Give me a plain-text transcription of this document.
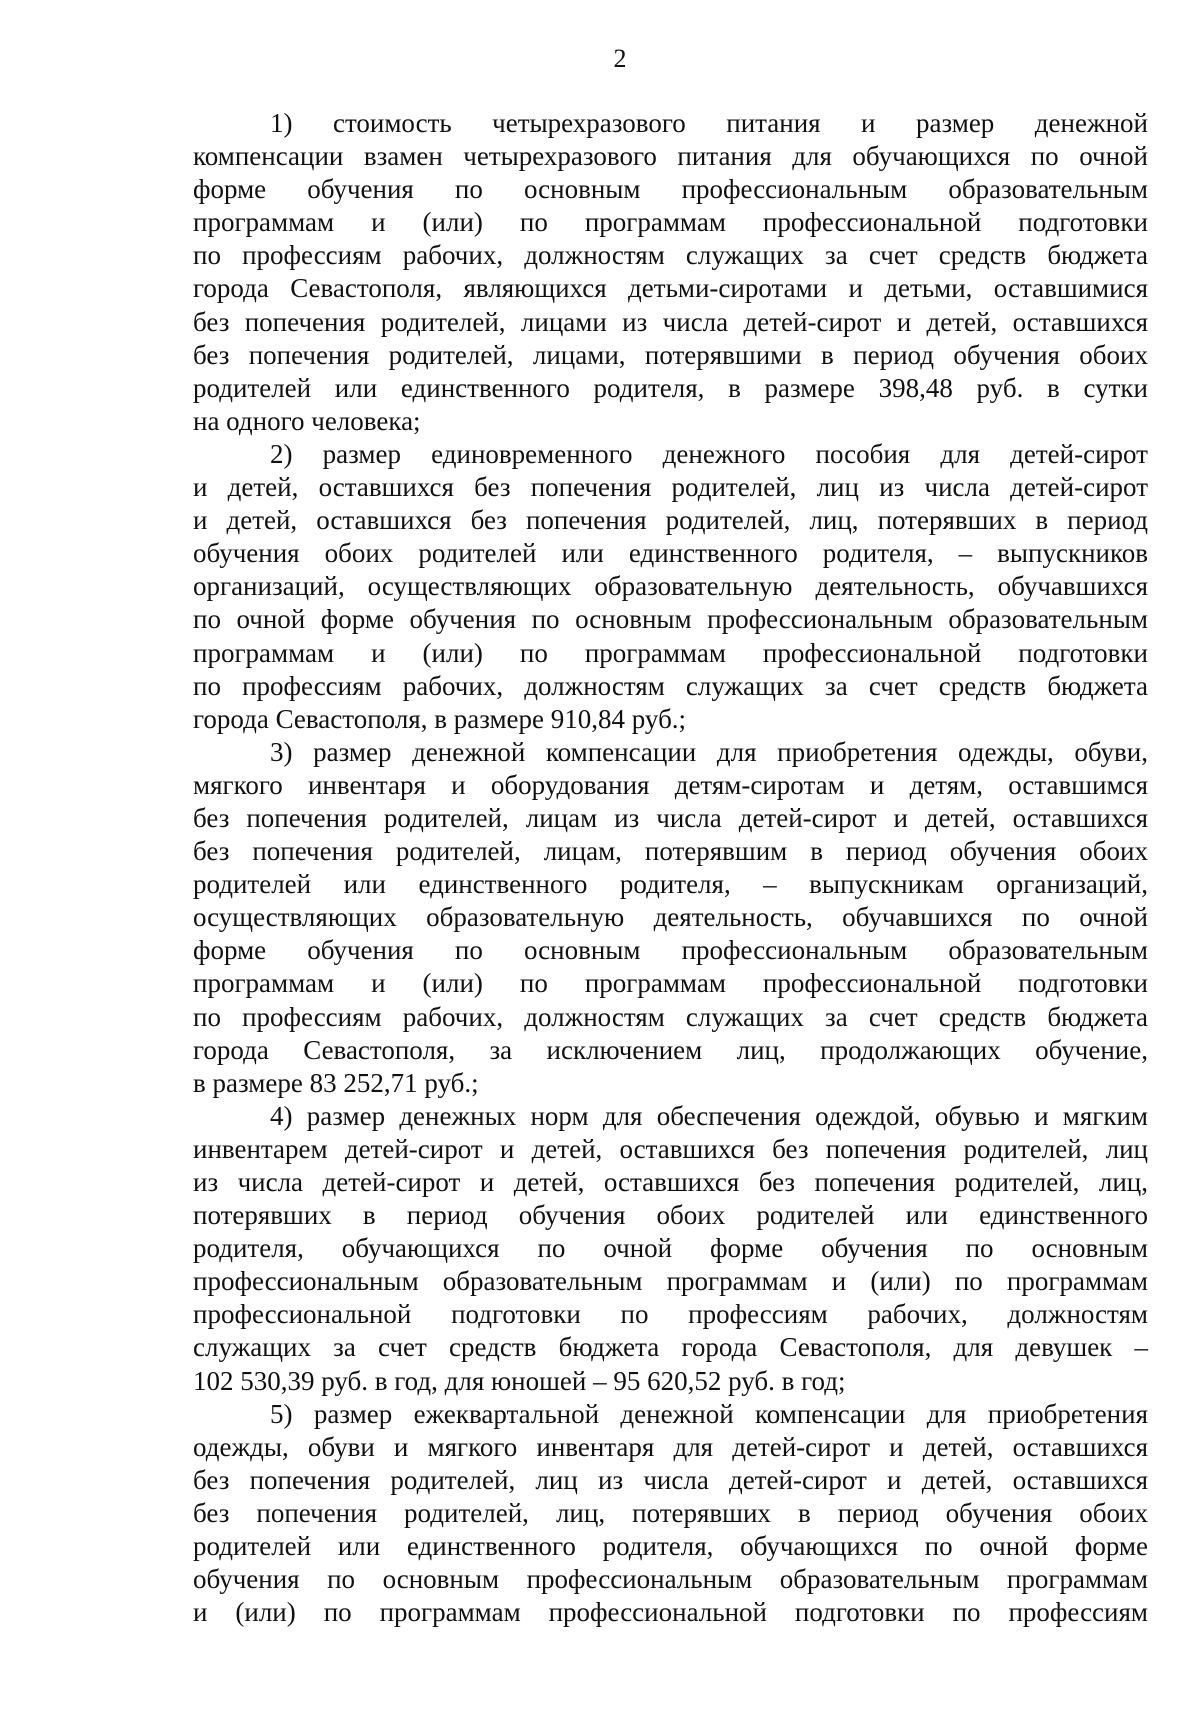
2

1) стоимость четырехразового питания и размер денежной
компенсации взамен четырехразового питания для обучающихся по очной
форме обучения по основным профессиональным образовательным
программам и (или) по программам профессиональной подготовки
по профессиям рабочих, должностям служащих за счет средств бюджета
города Севастополя, являющихся детьми-сиротами и детьми, оставшимися
без попечения родителей, лицами из числа детей-сирот и детей, оставшихся
без попечения родителей, лицами, потерявшими в период обучения обоих
родителей или единственного родителя, в размере 398,48 руб. в сутки
на одного человека;

2) размер единовременного денежного пособия для детей-сирот
и детей, оставшихся без попечения родителей, лиц из числа детей-сирот
и детей, оставшихся без попечения родителей, лиц, потерявших в период
обучения обоих родителей или единственного родителя, – выпускников
организаций, осуществляющих образовательную деятельность, обучавшихся
по очной форме обучения по основным профессиональным образовательным
программам и (или) по программам профессиональной подготовки
по профессиям рабочих, должностям служащих за счет средств бюджета
города Севастополя, в размере 910,84 руб.;

3) размер денежной компенсации для приобретения одежды, обуви,
мягкого инвентаря и оборудования детям-сиротам и детям, оставшимся
без попечения родителей, лицам из числа детей-сирот и детей, оставшихся
без попечения родителей, лицам, потерявшим в период обучения обоих
родителей или единственного родителя, – выпускникам организаций,
осуществляющих образовательную деятельность, обучавшихся по очной
форме обучения по основным профессиональным образовательным
программам и (или) по программам профессиональной подготовки
по профессиям рабочих, должностям служащих за счет средств бюджета
города Севастополя, за исключением лиц, продолжающих обучение,
в размере 83 252,71 руб.;

4) размер денежных норм для обеспечения одеждой, обувью и мягким
инвентарем детей-сирот и детей, оставшихся без попечения родителей, лиц
из числа детей-сирот и детей, оставшихся без попечения родителей, лиц,
потерявших в период обучения обоих родителей или единственного
родителя, обучающихся по очной форме обучения по основным
профессиональным образовательным программам и (или) по программам
профессиональной подготовки по профессиям рабочих, должностям
служащих за счет средств бюджета города Севастополя, для девушек –
102 530,39 руб. в год, для юношей – 95 620,52 руб. в год;

5) размер ежеквартальной денежной компенсации для приобретения
одежды, обуви и мягкого инвентаря для детей-сирот и детей, оставшихся
без попечения родителей, лиц из числа детей-сирот и детей, оставшихся
без попечения родителей, лиц, потерявших в период обучения обоих
родителей или единственного родителя, обучающихся по очной форме
обучения по основным профессиональным образовательным программам
и (или) по программам профессиональной подготовки по профессиям
